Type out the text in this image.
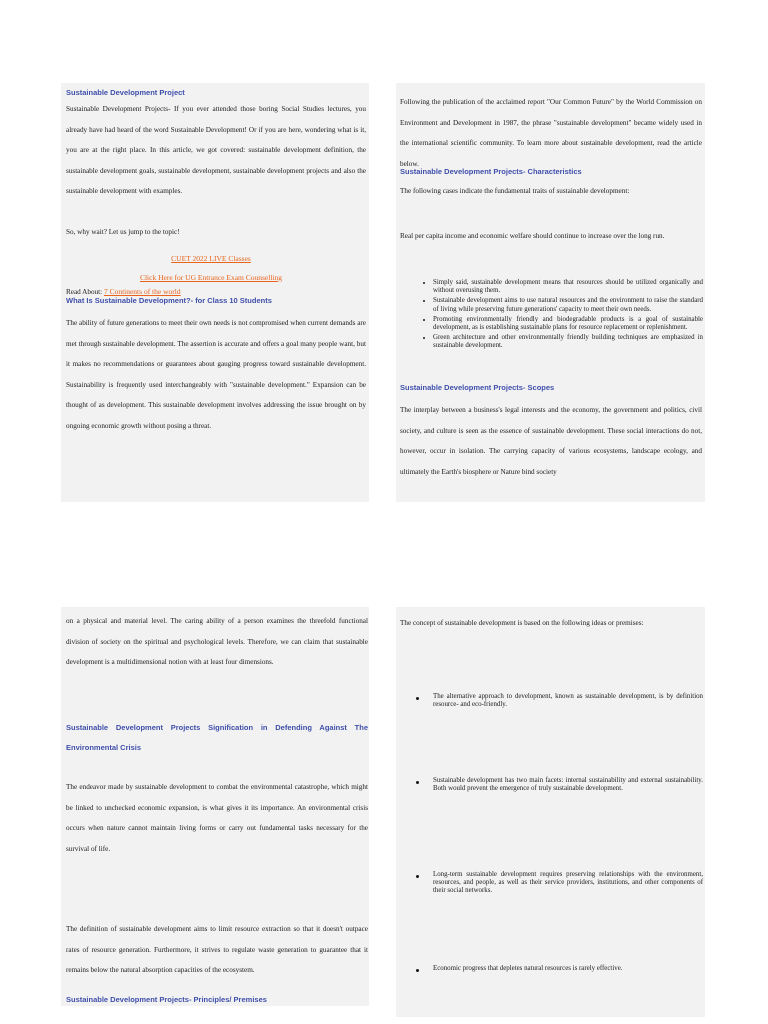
Sustainable Development Project

Sustainable Development Projects- If you ever attended those boring Social Studies lectures, you already have had heard of the word Sustainable Development! Or if you are here, wondering what is it, you are at the right place. In this article, we got covered: sustainable development definition, the sustainable development goals, sustainable development, sustainable development projects and also the sustainable development with examples.

So, why wait? Let us jump to the topic!

CUET 2022 LIVE Classes
Click Here for UG Entrance Exam Counselling
Read About: 7 Continents of the world
What Is Sustainable Development?- for Class 10 Students

The ability of future generations to meet their own needs is not compromised when current demands are met through sustainable development. The assertion is accurate and offers a goal many people want, but it makes no recommendations or guarantees about gauging progress toward sustainable development. Sustainability is frequently used interchangeably with "sustainable development." Expansion can be thought of as development. This sustainable development involves addressing the issue brought on by ongoing economic growth without posing a threat.

Following the publication of the acclaimed report "Our Common Future" by the World Commission on Environment and Development in 1987, the phrase "sustainable development" became widely used in the international scientific community. To learn more about sustainable development, read the article below.

Sustainable Development Projects- Characteristics

The following cases indicate the fundamental traits of sustainable development:

Real per capita income and economic welfare should continue to increase over the long run.

• Simply said, sustainable development means that resources should be utilized organically and without overusing them.
• Sustainable development aims to use natural resources and the environment to raise the standard of living while preserving future generations' capacity to meet their own needs.
• Promoting environmentally friendly and biodegradable products is a goal of sustainable development, as is establishing sustainable plans for resource replacement or replenishment.
• Green architecture and other environmentally friendly building techniques are emphasized in sustainable development.
Sustainable Development Projects- Scopes

The interplay between a business's legal interests and the economy, the government and politics, civil society, and culture is seen as the essence of sustainable development. These social interactions do not, however, occur in isolation. The carrying capacity of various ecosystems, landscape ecology, and ultimately the Earth's biosphere or Nature bind society

on a physical and material level. The caring ability of a person examines the threefold functional division of society on the spiritual and psychological levels. Therefore, we can claim that sustainable development is a multidimensional notion with at least four dimensions.

Sustainable Development Projects Signification in Defending Against The Environmental Crisis

The endeavor made by sustainable development to combat the environmental catastrophe, which might be linked to unchecked economic expansion, is what gives it its importance. An environmental crisis occurs when nature cannot maintain living forms or carry out fundamental tasks necessary for the survival of life.

The definition of sustainable development aims to limit resource extraction so that it doesn't outpace rates of resource generation. Furthermore, it strives to regulate waste generation to guarantee that it remains below the natural absorption capacities of the ecosystem.

Sustainable Development Projects- Principles/ Premises

The concept of sustainable development is based on the following ideas or premises:

The alternative approach to development, known as sustainable development, is by definition resource- and eco-friendly.
Sustainable development has two main facets: internal sustainability and external sustainability. Both would prevent the emergence of truly sustainable development.
Long-term sustainable development requires preserving relationships with the environment, resources, and people, as well as their service providers, institutions, and other components of their social networks.
Economic progress that depletes natural resources is rarely effective.
